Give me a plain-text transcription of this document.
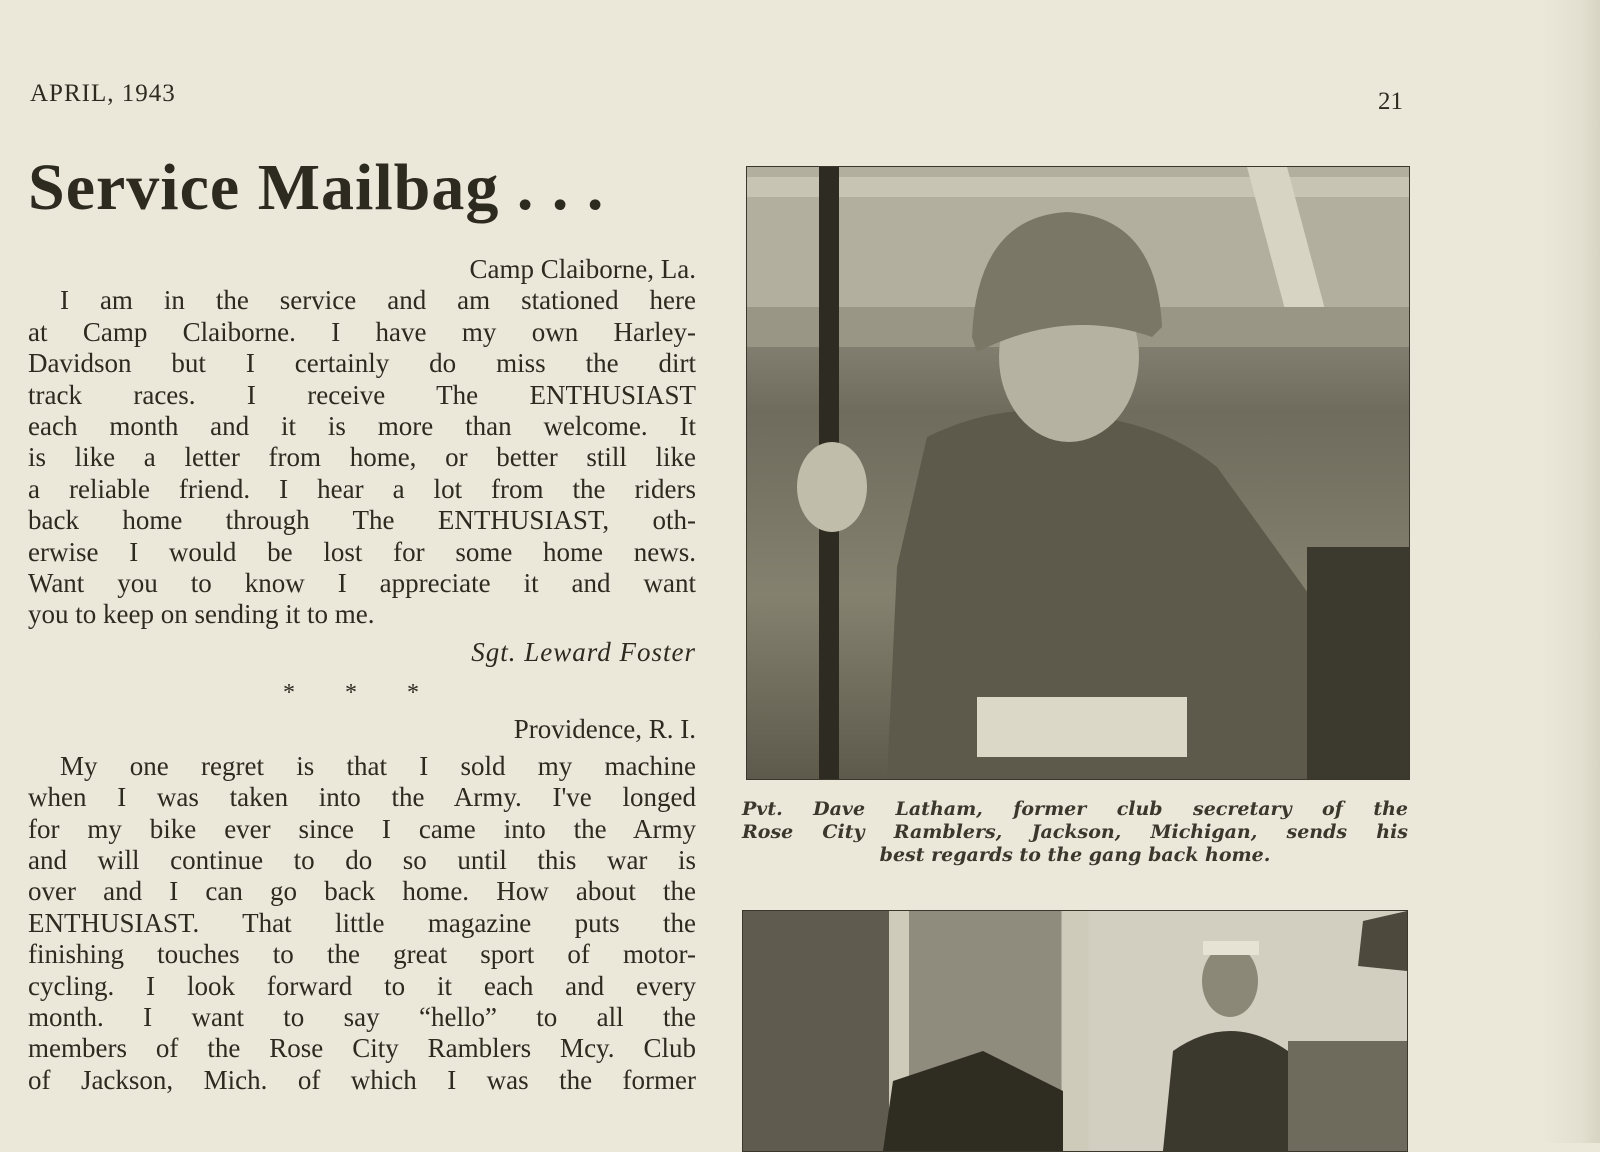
APRIL, 1943	21
Service Mailbag . . .
Camp Claiborne, La.
I am in the service and am stationed here
at Camp Claiborne. I have my own Harley-
Davidson but I certainly do miss the dirt
track races. I receive The ENTHUSIAST
each month and it is more than welcome. It
is like a letter from home, or better still like
a reliable friend. I hear a lot from the riders
back home through The ENTHUSIAST, oth-
erwise I would be lost for some home news.
Want you to know I appreciate it and want
you to keep on sending it to me.
Sgt. Leward Foster
* * *
Providence, R. I.
My one regret is that I sold my machine
when I was taken into the Army. I've longed
for my bike ever since I came into the Army
and will continue to do so until this war is
over and I can go back home. How about the
ENTHUSIAST. That little magazine puts the
finishing touches to the great sport of motor-
cycling. I look forward to it each and every
month. I want to say “hello” to all the
members of the Rose City Ramblers Mcy. Club
of Jackson, Mich. of which I was the former
Pvt. Dave Latham, former club secretary of the
Rose City Ramblers, Jackson, Michigan, sends his
best regards to the gang back home.
